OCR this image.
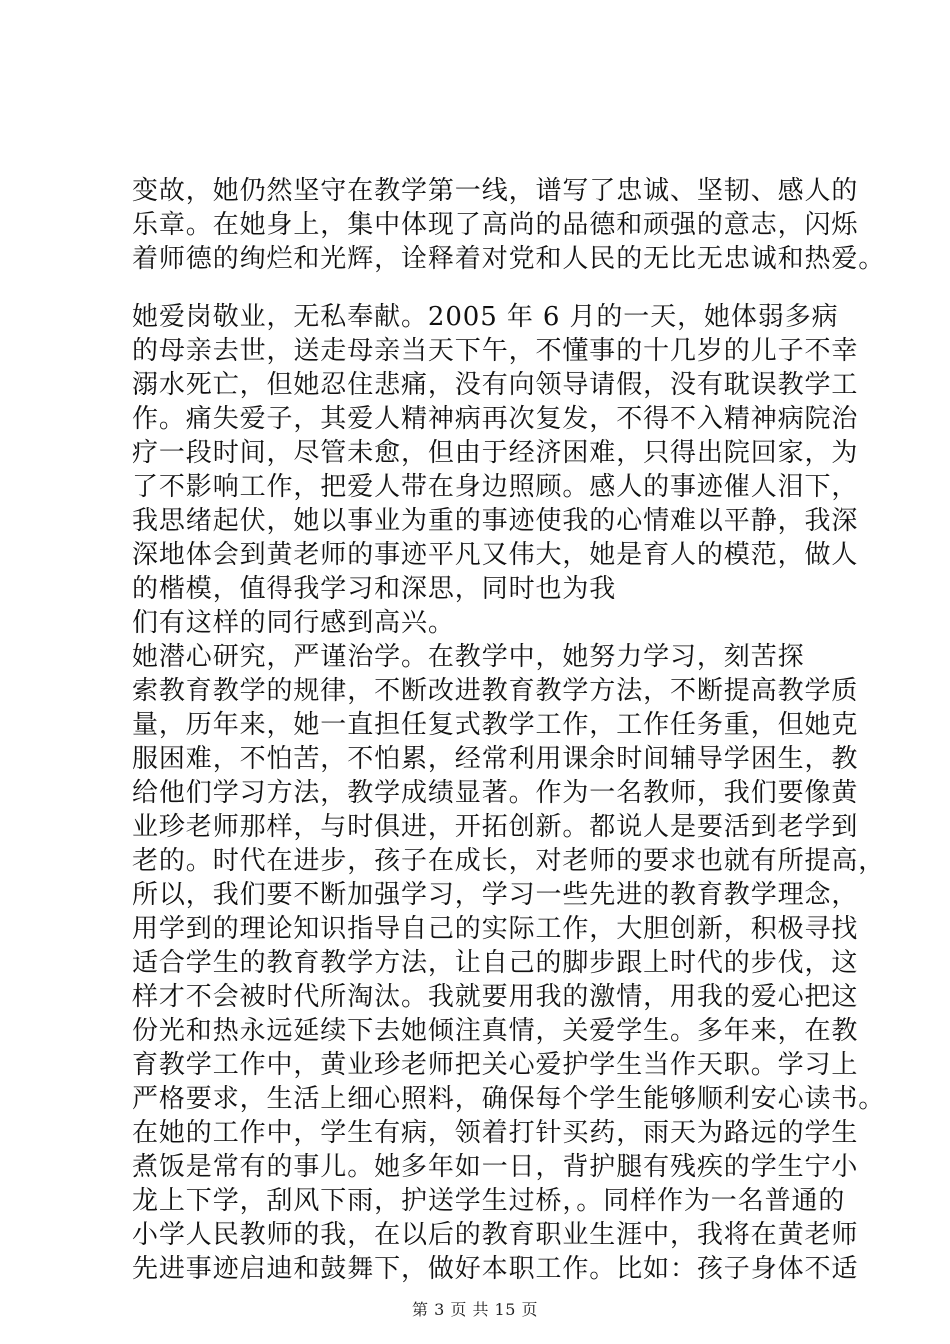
变故，她仍然坚守在教学第一线，谱写了忠诚、坚韧、感人的
乐章。在她身上，集中体现了高尚的品德和顽强的意志，闪烁
着师德的绚烂和光辉，诠释着对党和人民的无比无忠诚和热爱。
她爱岗敬业，无私奉献。2005 年 6 月的一天，她体弱多病
的母亲去世，送走母亲当天下午，不懂事的十几岁的儿子不幸
溺水死亡，但她忍住悲痛，没有向领导请假，没有耽误教学工
作。痛失爱子，其爱人精神病再次复发，不得不入精神病院治
疗一段时间，尽管未愈，但由于经济困难，只得出院回家，为
了不影响工作，把爱人带在身边照顾。感人的事迹催人泪下，
我思绪起伏，她以事业为重的事迹使我的心情难以平静，我深
深地体会到黄老师的事迹平凡又伟大，她是育人的模范，做人
的楷模，值得我学习和深思，同时也为我
们有这样的同行感到高兴。
她潜心研究，严谨治学。在教学中，她努力学习，刻苦探
索教育教学的规律，不断改进教育教学方法，不断提高教学质
量，历年来，她一直担任复式教学工作，工作任务重，但她克
服困难，不怕苦，不怕累，经常利用课余时间辅导学困生，教
给他们学习方法，教学成绩显著。作为一名教师，我们要像黄
业珍老师那样，与时俱进，开拓创新。都说人是要活到老学到
老的。时代在进步，孩子在成长，对老师的要求也就有所提高，
所以，我们要不断加强学习，学习一些先进的教育教学理念，
用学到的理论知识指导自己的实际工作，大胆创新，积极寻找
适合学生的教育教学方法，让自己的脚步跟上时代的步伐，这
样才不会被时代所淘汰。我就要用我的激情，用我的爱心把这
份光和热永远延续下去她倾注真情，关爱学生。多年来，在教
育教学工作中，黄业珍老师把关心爱护学生当作天职。学习上
严格要求，生活上细心照料，确保每个学生能够顺利安心读书。
在她的工作中，学生有病，领着打针买药，雨天为路远的学生
煮饭是常有的事儿。她多年如一日，背护腿有残疾的学生宁小
龙上下学，刮风下雨，护送学生过桥，。同样作为一名普通的
小学人民教师的我，在以后的教育职业生涯中，我将在黄老师
先进事迹启迪和鼓舞下，做好本职工作。比如：孩子身体不适
第 3 页 共 15 页
